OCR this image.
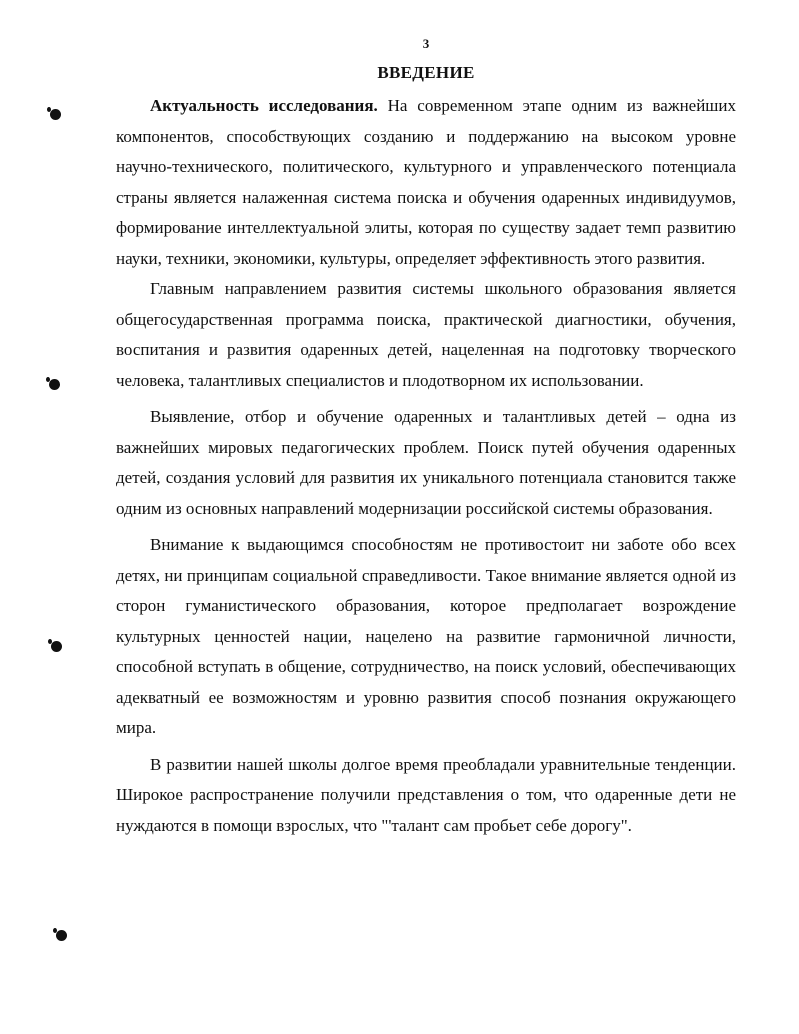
3
ВВЕДЕНИЕ

Актуальность исследования. На современном этапе одним из важнейших компонентов, способствующих созданию и поддержанию на высоком уровне научно-технического, политического, культурного и управленческого потенциала страны является налаженная система поиска и обучения одаренных индивидуумов, формирование интеллектуальной элиты, которая по существу задает темп развитию науки, техники, экономики, культуры, определяет эффективность этого развития.

Главным направлением развития системы школьного образования является общегосударственная программа поиска, практической диагностики, обучения, воспитания и развития одаренных детей, нацеленная на подготовку творческого человека, талантливых специалистов и плодотворном их использовании.

Выявление, отбор и обучение одаренных и талантливых детей – одна из важнейших мировых педагогических проблем. Поиск путей обучения одаренных детей, создания условий для развития их уникального потенциала становится также одним из основных направлений модернизации российской системы образования.

Внимание к выдающимся способностям не противостоит ни заботе обо всех детях, ни принципам социальной справедливости. Такое внимание является одной из сторон гуманистического образования, которое предполагает возрождение культурных ценностей нации, нацелено на развитие гармоничной личности, способной вступать в общение, сотрудничество, на поиск условий, обеспечивающих адекватный ее возможностям и уровню развития способ познания окружающего мира.

В развитии нашей школы долгое время преобладали уравнительные тенденции. Широкое распространение получили представления о том, что одаренные дети не нуждаются в помощи взрослых, что "'талант сам пробьет себе дорогу".
